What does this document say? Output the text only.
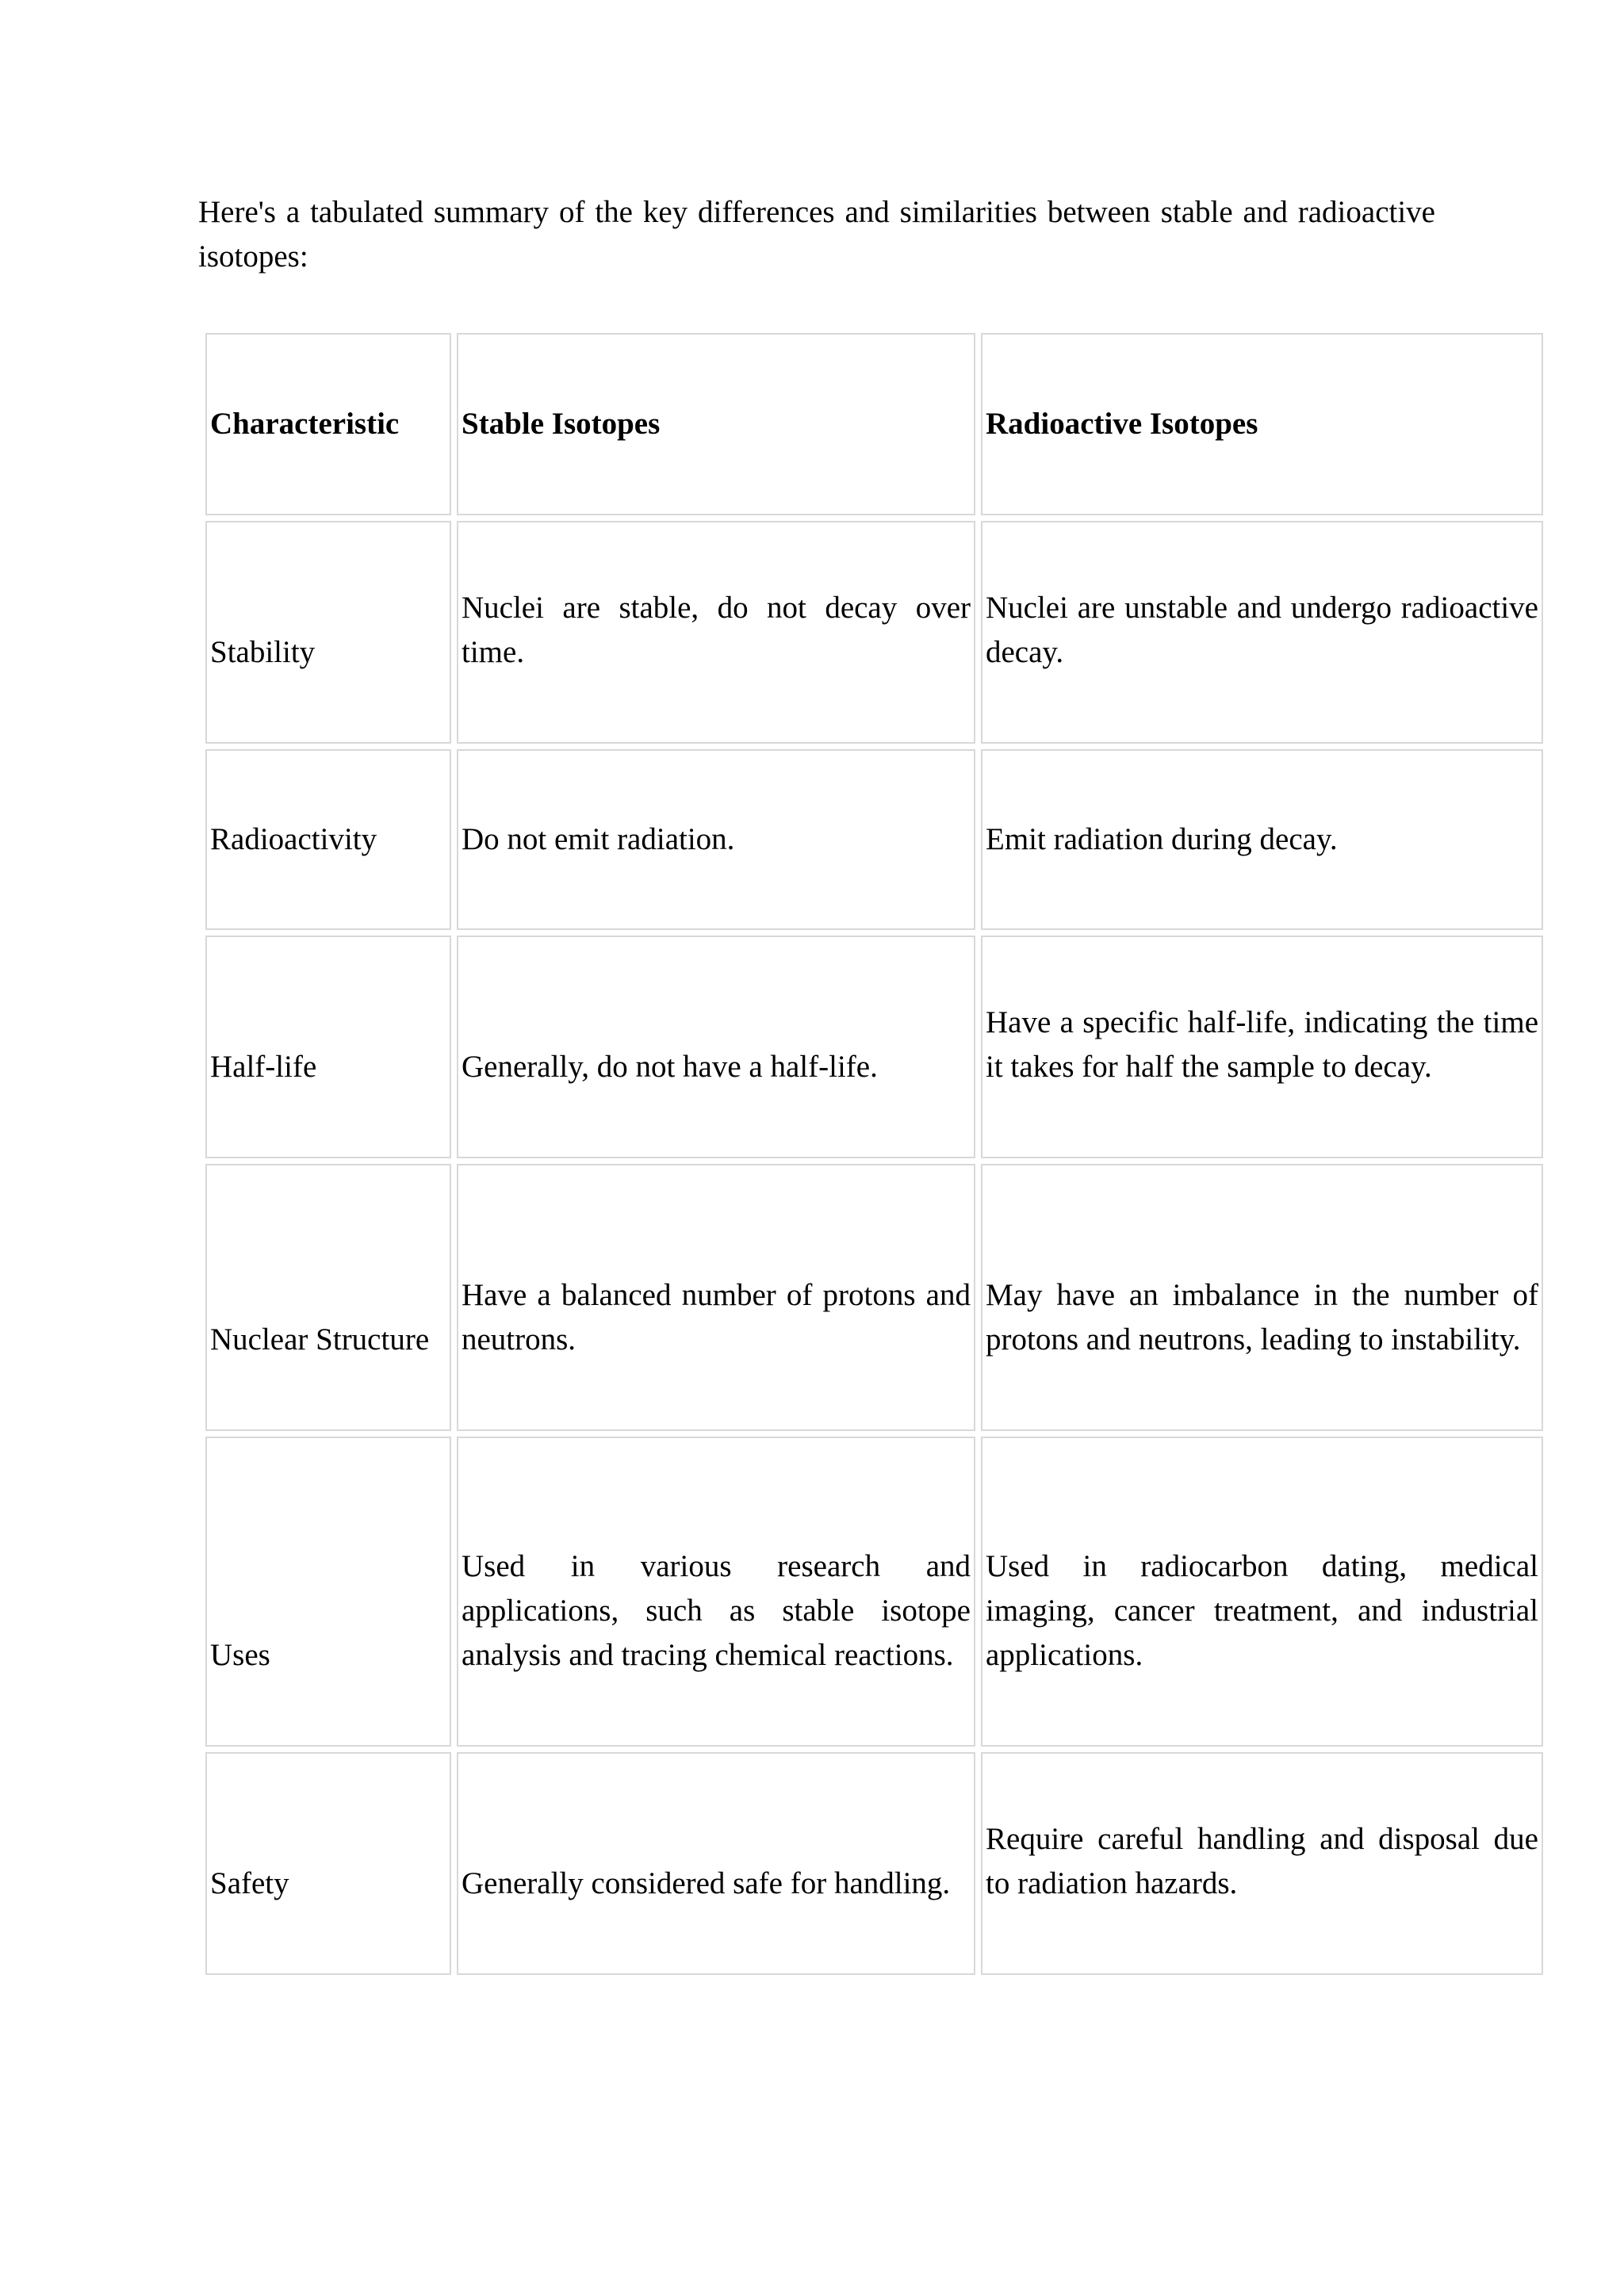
Here's a tabulated summary of the key differences and similarities between stable and radioactive isotopes:

Characteristic	Stable Isotopes	Radioactive Isotopes
Stability	Nuclei are stable, do not decay over time.	Nuclei are unstable and undergo radioactive decay.
Radioactivity	Do not emit radiation.	Emit radiation during decay.
Half-life	Generally, do not have a half-life.	Have a specific half-life, indicating the time it takes for half the sample to decay.
Nuclear Structure	Have a balanced number of protons and neutrons.	May have an imbalance in the number of protons and neutrons, leading to instability.
Uses	Used in various research and applications, such as stable isotope analysis and tracing chemical reactions.	Used in radiocarbon dating, medical imaging, cancer treatment, and industrial applications.
Safety	Generally considered safe for handling.	Require careful handling and disposal due to radiation hazards.
